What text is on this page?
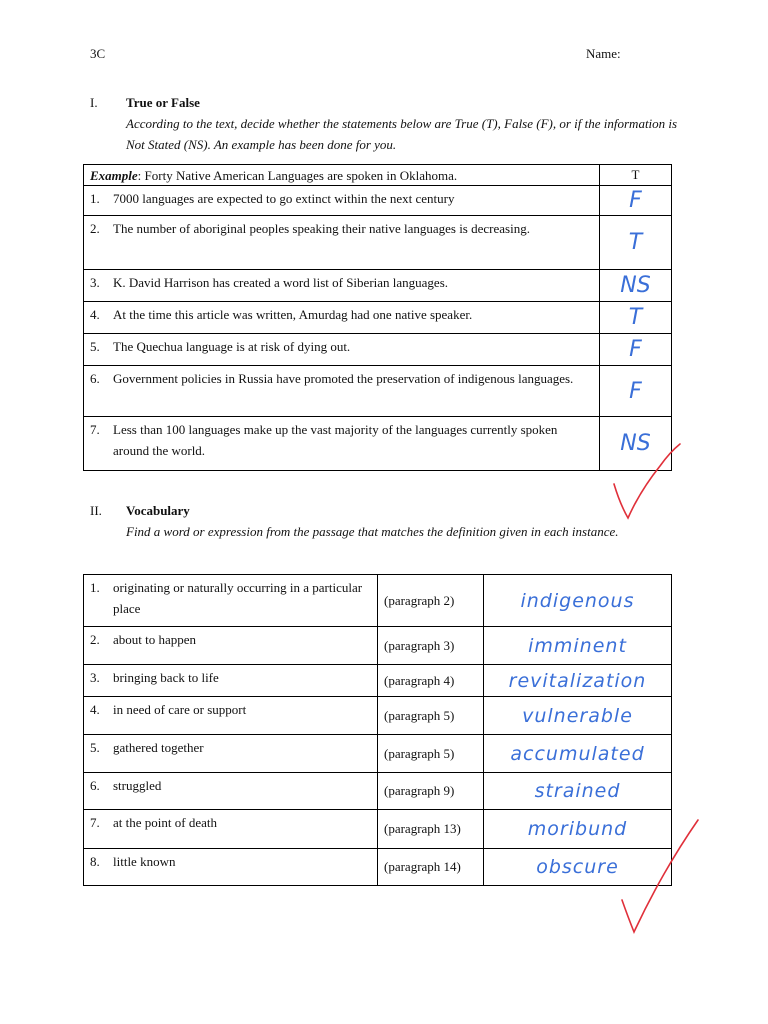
3C	Name:
I. True or False
According to the text, decide whether the statements below are True (T), False (F), or if the information is Not Stated (NS). An example has been done for you.
Example: Forty Native American Languages are spoken in Oklahoma.	T

1. 7000 languages are expected to go extinct within the next century	F

2. The number of aboriginal peoples speaking their native languages is decreasing.	T

3. K. David Harrison has created a word list of Siberian languages.	NS

4. At the time this article was written, Amurdag had one native speaker.	T

5. The Quechua language is at risk of dying out.	F

6. Government policies in Russia have promoted the preservation of indigenous languages.	F

7. Less than 100 languages make up the vast majority of the languages currently spoken around the world.	NS
II. Vocabulary
Find a word or expression from the passage that matches the definition given in each instance.
1. originating or naturally occurring in a particular place	(paragraph 2)	indigenous

2. about to happen	(paragraph 3)	imminent

3. bringing back to life	(paragraph 4)	revitalization

4. in need of care or support	(paragraph 5)	vulnerable

5. gathered together	(paragraph 5)	accumulated

6. struggled	(paragraph 9)	strained

7. at the point of death	(paragraph 13)	moribund

8. little known	(paragraph 14)	obscure
